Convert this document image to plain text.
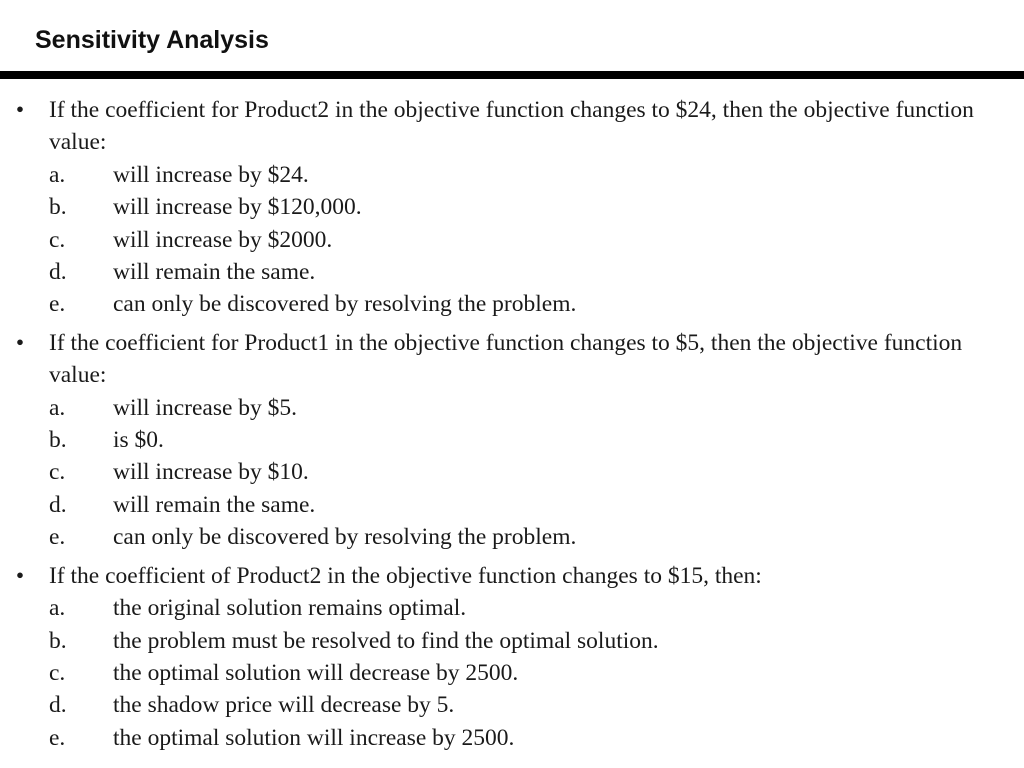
Sensitivity Analysis
• If the coefficient for Product2 in the objective function changes to $24, then the objective function value:
a.	will increase by $24.
b.	will increase by $120,000.
c.	will increase by $2000.
d.	will remain the same.
e.	can only be discovered by resolving the problem.
• If the coefficient for Product1 in the objective function changes to $5, then the objective function value:
a.	will increase by $5.
b.	is $0.
c.	will increase by $10.
d.	will remain the same.
e.	can only be discovered by resolving the problem.
• If the coefficient of Product2 in the objective function changes to $15, then:
a.	the original solution remains optimal.
b.	the problem must be resolved to find the optimal solution.
c.	the optimal solution will decrease by 2500.
d.	the shadow price will decrease by 5.
e.	the optimal solution will increase by 2500.
